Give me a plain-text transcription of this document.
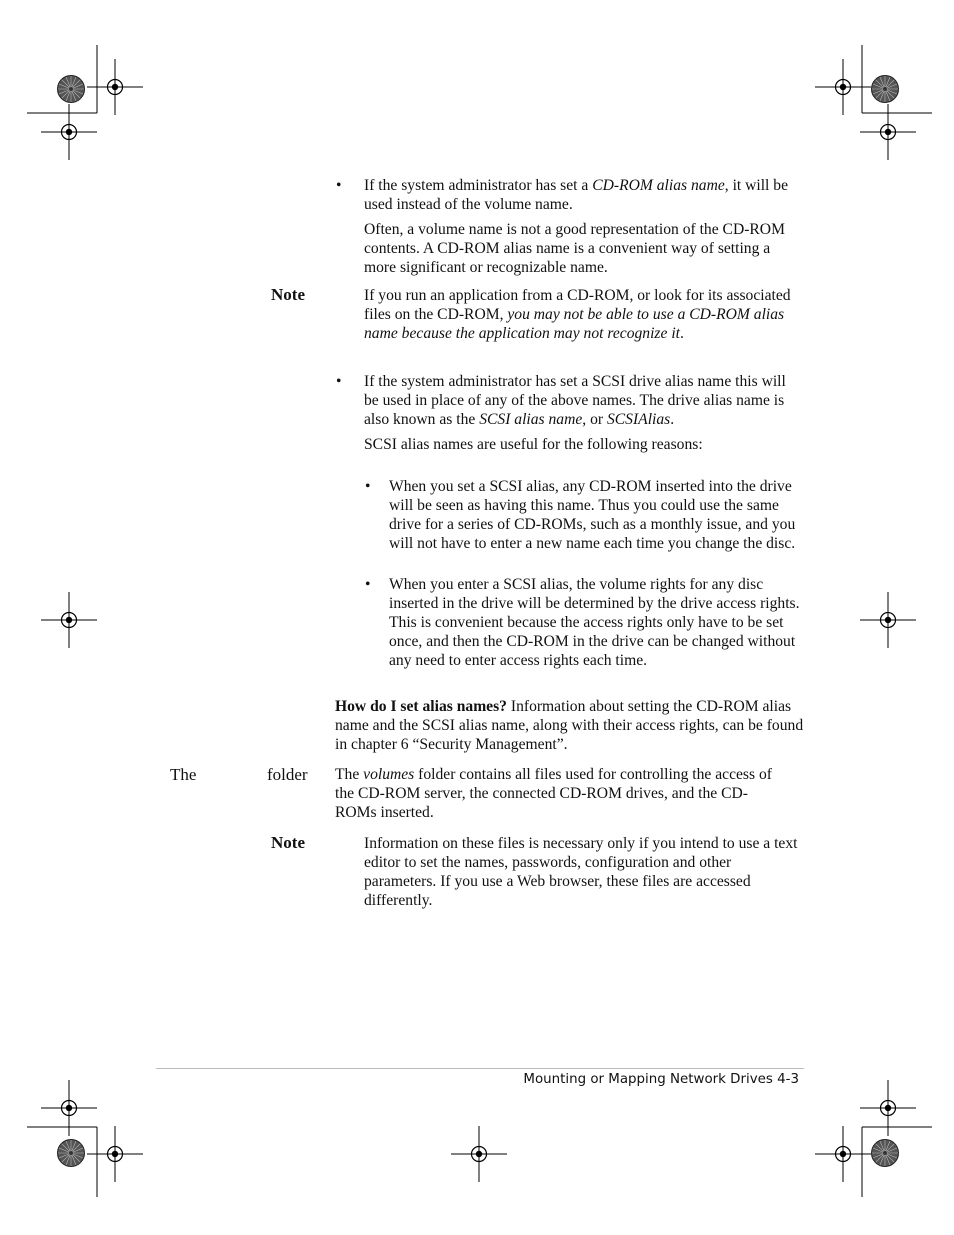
• If the system administrator has set a CD-ROM alias name, it will be used instead of the volume name.

Often, a volume name is not a good representation of the CD-ROM contents. A CD-ROM alias name is a convenient way of setting a more significant or recognizable name.

Note	If you run an application from a CD-ROM, or look for its associated files on the CD-ROM, you may not be able to use a CD-ROM alias name because the application may not recognize it.

• If the system administrator has set a SCSI drive alias name this will be used in place of any of the above names. The drive alias name is also known as the SCSI alias name, or SCSIAlias.

SCSI alias names are useful for the following reasons:

• When you set a SCSI alias, any CD-ROM inserted into the drive will be seen as having this name. Thus you could use the same drive for a series of CD-ROMs, such as a monthly issue, and you will not have to enter a new name each time you change the disc.
• When you enter a SCSI alias, the volume rights for any disc inserted in the drive will be determined by the drive access rights. This is convenient because the access rights only have to be set once, and then the CD-ROM in the drive can be changed without any need to enter access rights each time.

How do I set alias names? Information about setting the CD-ROM alias name and the SCSI alias name, along with their access rights, can be found in chapter 6 “Security Management”.

The	folder The volumes folder contains all files used for controlling the access of the CD-ROM server, the connected CD-ROM drives, and the CD-ROMs inserted.

Note	Information on these files is necessary only if you intend to use a text editor to set the names, passwords, configuration and other parameters. If you use a Web browser, these files are accessed differently.
Mounting or Mapping Network Drives 4-3
